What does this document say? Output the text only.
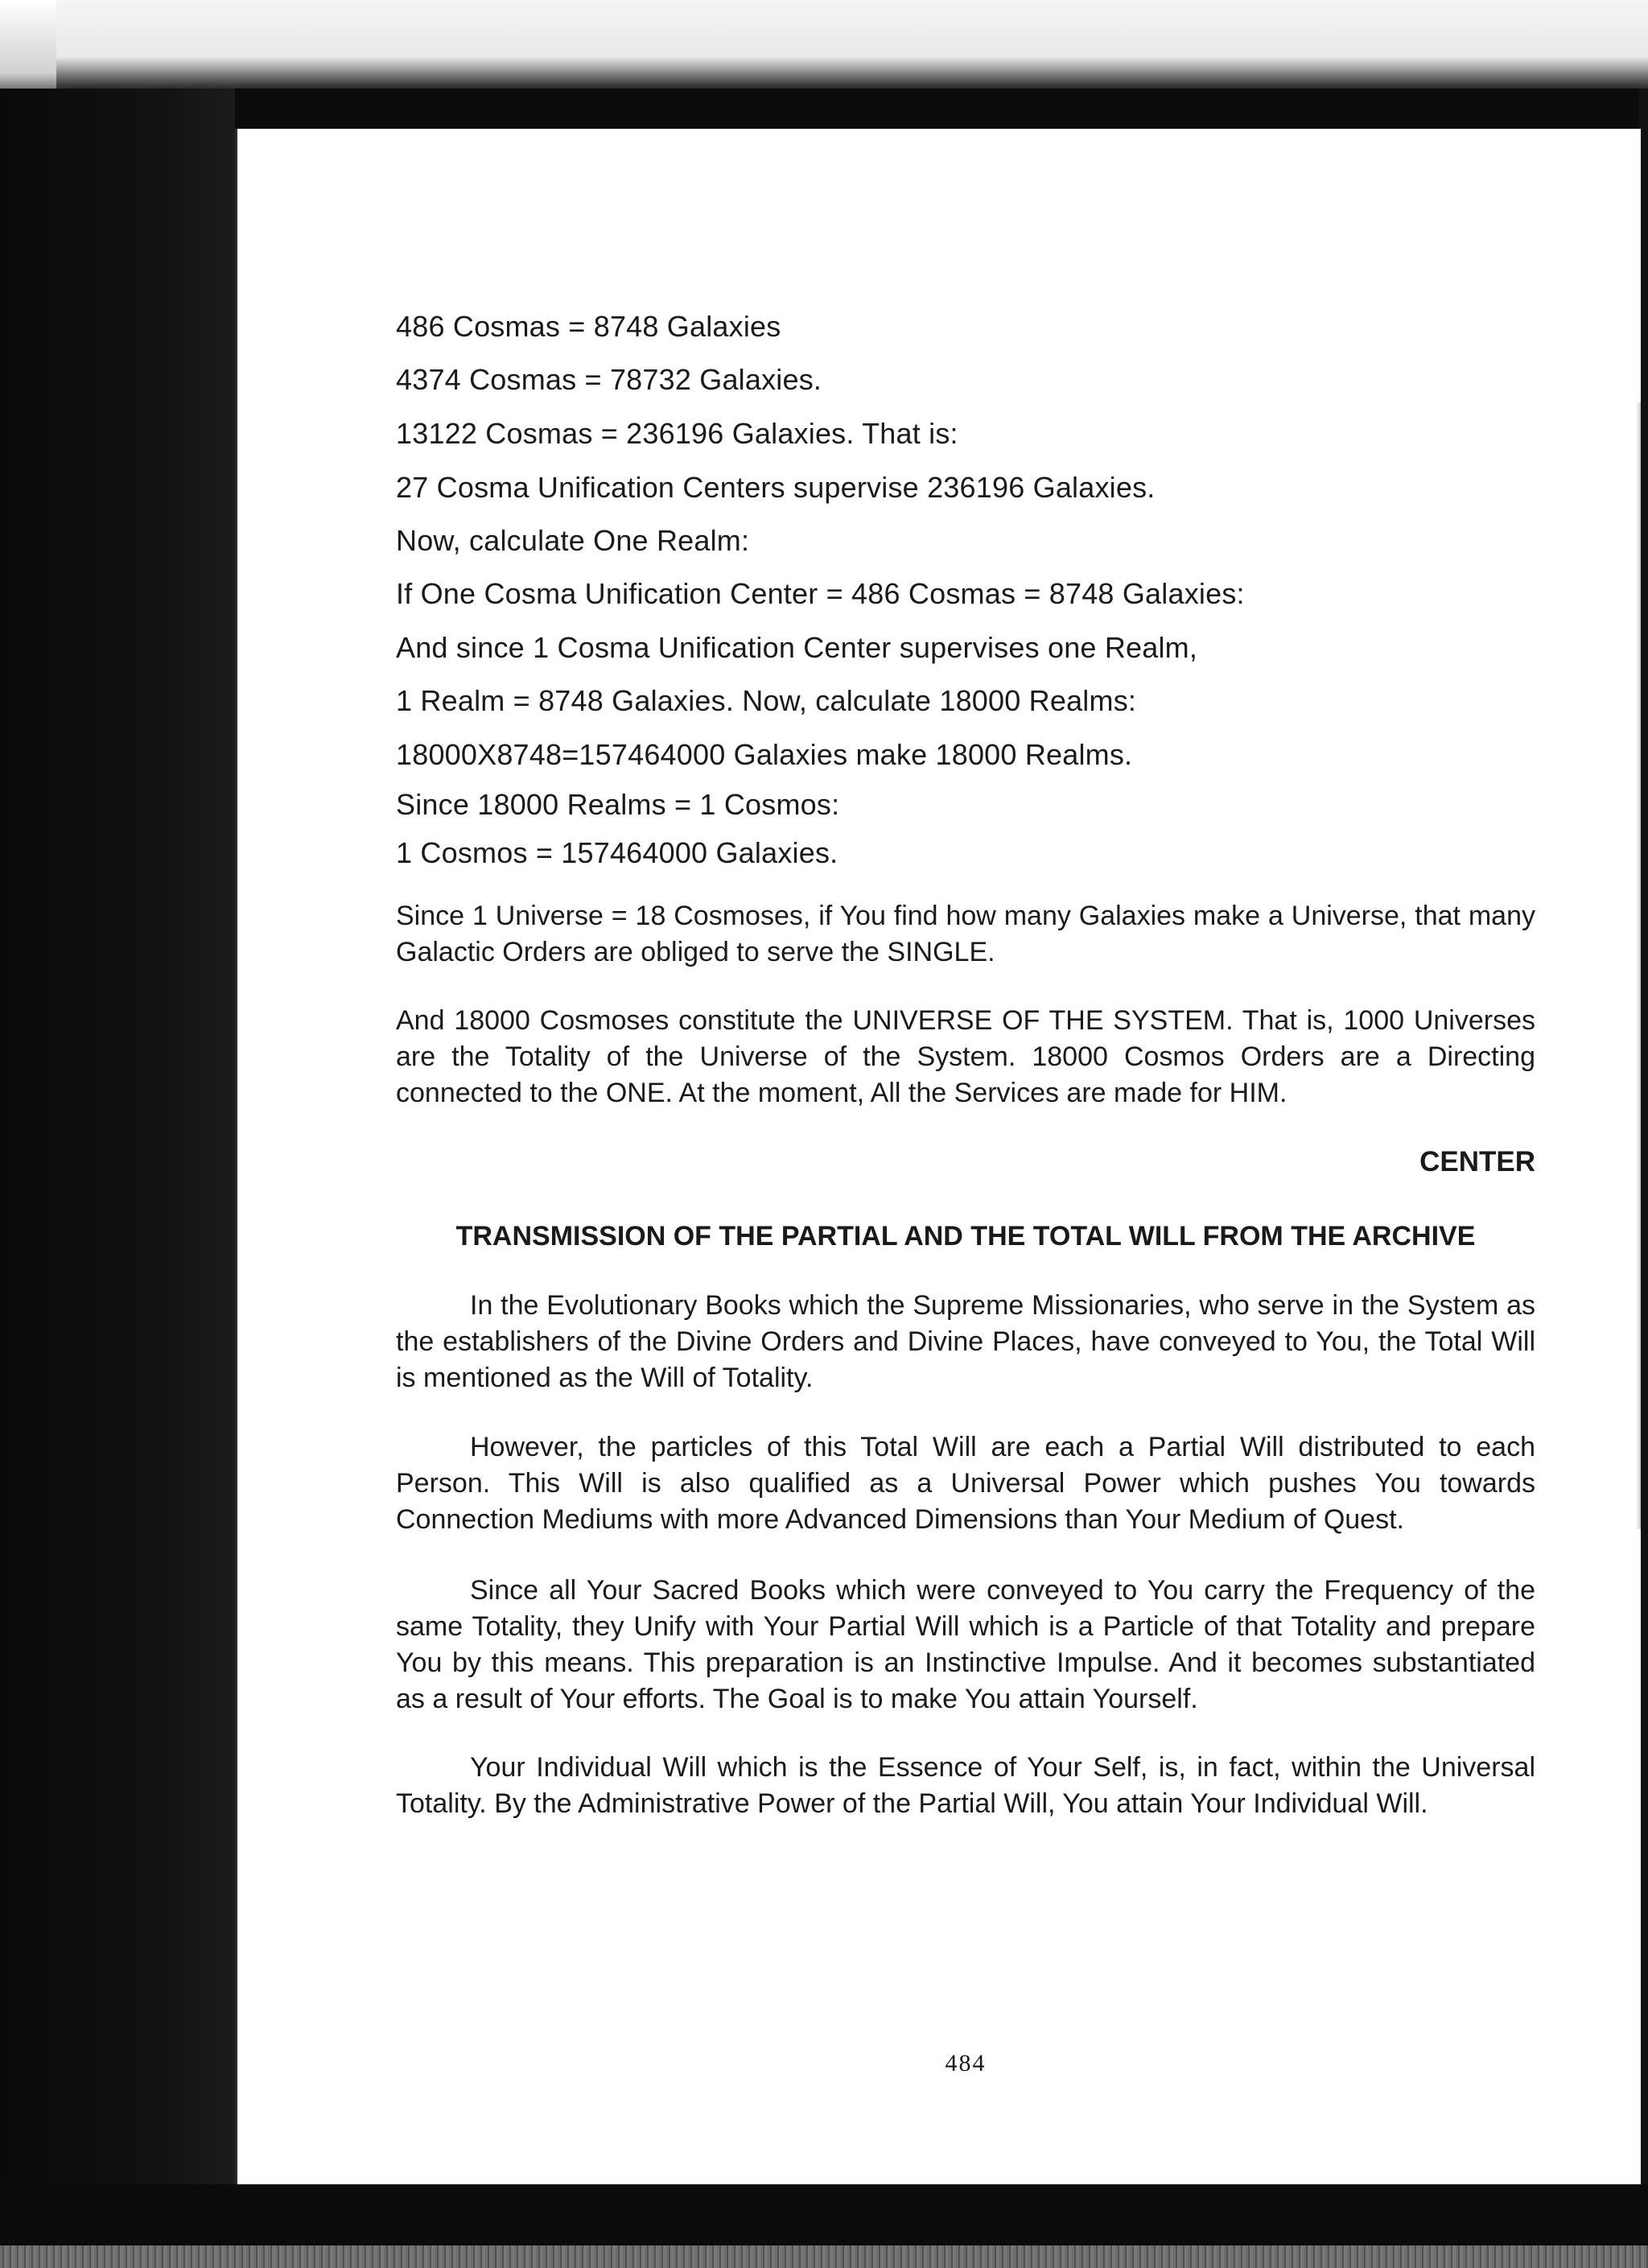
486 Cosmas = 8748 Galaxies
4374 Cosmas = 78732 Galaxies.
13122 Cosmas = 236196 Galaxies. That is:
27 Cosma Unification Centers supervise 236196 Galaxies.
Now, calculate One Realm:
If One Cosma Unification Center = 486 Cosmas = 8748 Galaxies:
And since 1 Cosma Unification Center supervises one Realm,
1 Realm = 8748 Galaxies. Now, calculate 18000 Realms:
18000X8748=157464000 Galaxies make 18000 Realms.
Since 18000 Realms = 1 Cosmos:
1 Cosmos = 157464000 Galaxies.
Since 1 Universe = 18 Cosmoses, if You find how many Galaxies make a Universe, that many Galactic Orders are obliged to serve the SINGLE.
And 18000 Cosmoses constitute the UNIVERSE OF THE SYSTEM. That is, 1000 Universes are the Totality of the Universe of the System. 18000 Cosmos Orders are a Directing connected to the ONE. At the moment, All the Services are made for HIM.
CENTER
TRANSMISSION OF THE PARTIAL AND THE TOTAL WILL FROM THE ARCHIVE
In the Evolutionary Books which the Supreme Missionaries, who serve in the System as the establishers of the Divine Orders and Divine Places, have conveyed to You, the Total Will is mentioned as the Will of Totality.
However, the particles of this Total Will are each a Partial Will distributed to each Person. This Will is also qualified as a Universal Power which pushes You towards Connection Mediums with more Advanced Dimensions than Your Medium of Quest.
Since all Your Sacred Books which were conveyed to You carry the Frequency of the same Totality, they Unify with Your Partial Will which is a Particle of that Totality and prepare You by this means. This preparation is an Instinctive Impulse. And it becomes substantiated as a result of Your efforts. The Goal is to make You attain Yourself.
Your Individual Will which is the Essence of Your Self, is, in fact, within the Universal Totality. By the Administrative Power of the Partial Will, You attain Your Individual Will.
484
